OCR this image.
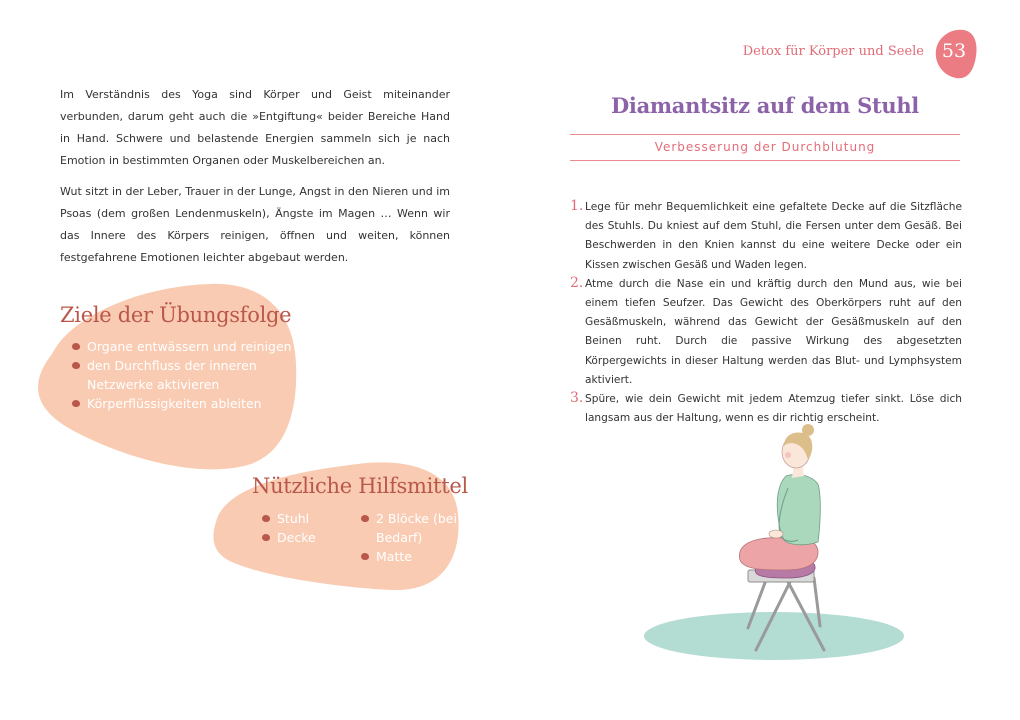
Im Verständnis des Yoga sind Körper und Geist miteinander verbunden, darum geht auch die »Entgiftung« beider Bereiche Hand in Hand. Schwere und belastende Energien sammeln sich je nach Emotion in bestimmten Organen oder Muskelbereichen an.

Wut sitzt in der Leber, Trauer in der Lunge, Angst in den Nieren und im Psoas (dem großen Lendenmuskeln), Ängste im Magen … Wenn wir das Innere des Körpers reinigen, öffnen und weiten, können festgefahrene Emotionen leichter abgebaut werden.

Ziele der Übungsfolge
Organe entwässern und reinigen
den Durchfluss der inneren Netzwerke aktivieren
Körperflüssigkeiten ableiten
Nützliche Hilfsmittel
Stuhl
Decke
2 Blöcke (bei Bedarf)
Matte
Detox für Körper und Seele 53
Diamantsitz auf dem Stuhl
Verbesserung der Durchblutung
1. Lege für mehr Bequemlichkeit eine gefaltete Decke auf die Sitzfläche des Stuhls. Du kniest auf dem Stuhl, die Fersen unter dem Gesäß. Bei Beschwerden in den Knien kannst du eine weitere Decke oder ein Kissen zwischen Gesäß und Waden legen.
2. Atme durch die Nase ein und kräftig durch den Mund aus, wie bei einem tiefen Seufzer. Das Gewicht des Oberkörpers ruht auf den Gesäßmuskeln, während das Gewicht der Gesäßmuskeln auf den Beinen ruht. Durch die passive Wirkung des abgesetzten Körpergewichts in dieser Haltung werden das Blut- und Lymphsystem aktiviert.
3. Spüre, wie dein Gewicht mit jedem Atemzug tiefer sinkt. Löse dich langsam aus der Haltung, wenn es dir richtig erscheint.
